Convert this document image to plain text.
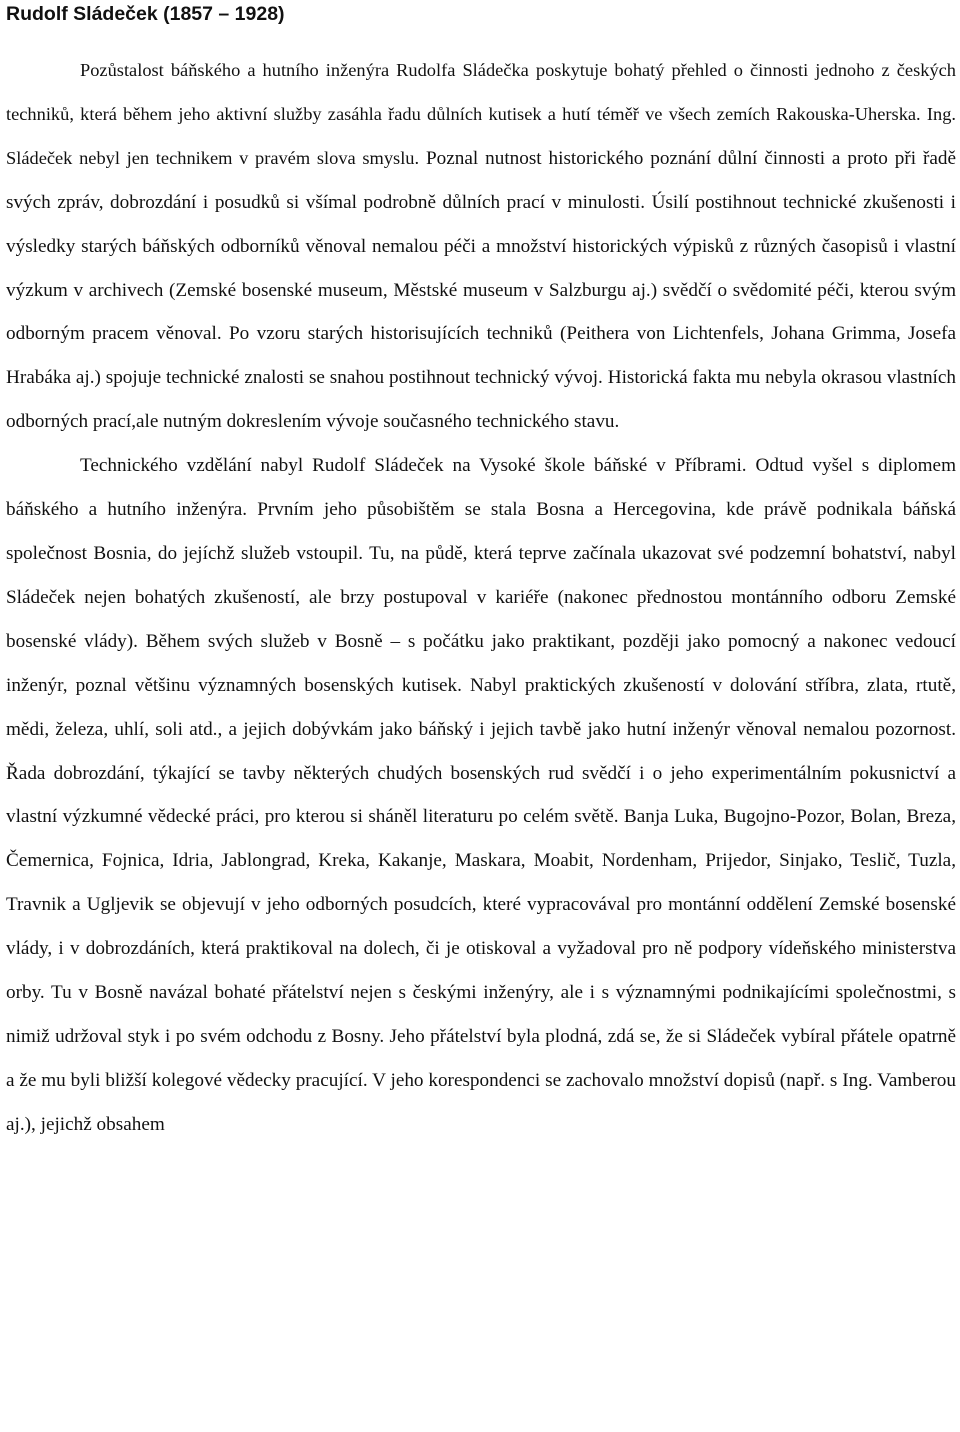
Rudolf Sládeček (1857 – 1928)

Pozůstalost báňského a hutního inženýra Rudolfa Sládečka poskytuje bohatý přehled o činnosti jednoho z českých techniků, která během jeho aktivní služby zasáhla řadu důlních kutisek a hutí téměř ve všech zemích Rakouska-Uherska. Ing. Sládeček nebyl jen technikem v pravém slova smyslu. Poznal nutnost historického poznání důlní činnosti a proto při řadě svých zpráv, dobrozdání i posudků si všímal podrobně důlních prací v minulosti. Úsilí postihnout technické zkušenosti i výsledky starých báňských odborníků věnoval nemalou péči a množství historických výpisků z různých časopisů i vlastní výzkum v archivech (Zemské bosenské museum, Městské museum v Salzburgu aj.) svědčí o svědomité péči, kterou svým odborným pracem věnoval. Po vzoru starých historisujících techniků (Peithera von Lichtenfels, Johana Grimma, Josefa Hrabáka aj.) spojuje technické znalosti se snahou postihnout technický vývoj. Historická fakta mu nebyla okrasou vlastních odborných prací,ale nutným dokreslením vývoje současného technického stavu.

Technického vzdělání nabyl Rudolf Sládeček na Vysoké škole báňské v Příbrami. Odtud vyšel s diplomem báňského a hutního inženýra. Prvním jeho působištěm se stala Bosna a Hercegovina, kde právě podnikala báňská společnost Bosnia, do jejíchž služeb vstoupil. Tu, na půdě, která teprve začínala ukazovat své podzemní bohatství, nabyl Sládeček nejen bohatých zkušeností, ale brzy postupoval v kariéře (nakonec přednostou montánního odboru Zemské bosenské vlády). Během svých služeb v Bosně – s počátku jako praktikant, později jako pomocný a nakonec vedoucí inženýr, poznal většinu významných bosenských kutisek. Nabyl praktických zkušeností v dolování stříbra, zlata, rtutě, mědi, železa, uhlí, soli atd., a jejich dobývkám jako báňský i jejich tavbě jako hutní inženýr věnoval nemalou pozornost. Řada dobrozdání, týkající se tavby některých chudých bosenských rud svědčí i o jeho experimentálním pokusnictví a vlastní výzkumné vědecké práci, pro kterou si sháněl literaturu po celém světě. Banja Luka, Bugojno-Pozor, Bolan, Breza, Čemernica, Fojnica, Idria, Jablongrad, Kreka, Kakanje, Maskara, Moabit, Nordenham, Prijedor, Sinjako, Teslič, Tuzla, Travnik a Ugljevik se objevují v jeho odborných posudcích, které vypracovával pro montánní oddělení Zemské bosenské vlády, i v dobrozdáních, která praktikoval na dolech, či je otiskoval a vyžadoval pro ně podpory vídeňského ministerstva orby. Tu v Bosně navázal bohaté přátelství nejen s českými inženýry, ale i s významnými podnikajícími společnostmi, s nimiž udržoval styk i po svém odchodu z Bosny. Jeho přátelství byla plodná, zdá se, že si Sládeček vybíral přátele opatrně a že mu byli bližší kolegové vědecky pracující. V jeho korespondenci se zachovalo množství dopisů (např. s Ing. Vamberou aj.), jejichž obsahem
